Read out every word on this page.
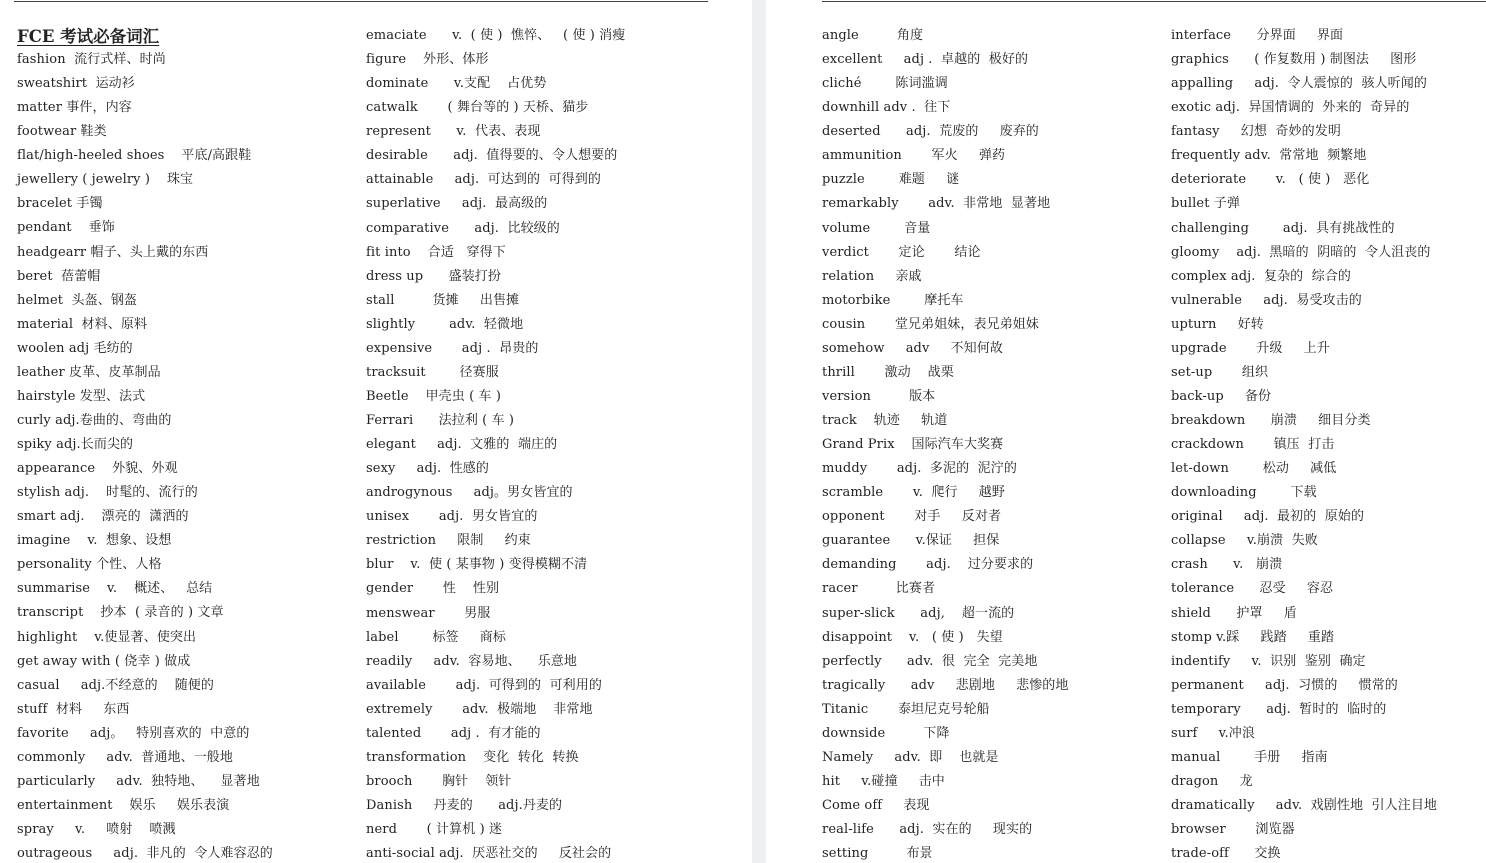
FCE 考试必备词汇
fashion  流行式样、时尚
sweatshirt  运动衫
matter 事件，内容
footwear 鞋类
flat/high-heeled shoes    平底/高跟鞋
jewellery ( jewelry )    珠宝
bracelet 手镯
pendant    垂饰
headgearr 帽子、头上戴的东西
beret  蓓蕾帽
helmet  头盔、钢盔
material  材料、原料
woolen adj 毛纺的
leather 皮革、皮革制品
hairstyle 发型、法式
curly adj.卷曲的、弯曲的
spiky adj.长而尖的
appearance    外貌、外观
stylish adj.    时髦的、流行的
smart adj.    漂亮的  潇洒的
imagine    v.  想象、设想
personality 个性、人格
summarise    v.    概述、   总结
transcript    抄本  ( 录音的 ) 文章
highlight    v.使显著、使突出
get away with ( 侥幸 ) 做成
casual     adj.不经意的    随便的
stuff  材料     东西
favorite     adj。   特别喜欢的  中意的
commonly     adv.  普通地、一般地
particularly     adv.  独特地、    显著地
entertainment    娱乐     娱乐表演
spray     v.     喷射    喷溅
outrageous     adj.  非凡的  令人难容忍的
emaciate      v.  ( 使 )  憔悴、   ( 使 ) 消瘦
figure    外形、体形
dominate      v.支配    占优势
catwalk       ( 舞台等的 ) 天桥、猫步
represent      v.  代表、表现
desirable      adj.  值得要的、令人想要的
attainable     adj.  可达到的  可得到的
superlative     adj.  最高级的
comparative      adj.  比较级的
fit into    合适   穿得下
dress up      盛装打扮
stall         货摊     出售摊
slightly        adv.  轻微地
expensive       adj .  昂贵的
tracksuit        径赛服
Beetle    甲壳虫 ( 车 )
Ferrari      法拉利 ( 车 )
elegant     adj.  文雅的  端庄的
sexy     adj.  性感的
androgynous     adj。男女皆宜的
unisex       adj.  男女皆宜的
restriction     限制     约束
blur    v.  使 ( 某事物 ) 变得模糊不清
gender       性    性别
menswear       男服
label        标签     商标
readily     adv.  容易地、    乐意地
available       adj.  可得到的  可利用的
extremely       adv.  极端地    非常地
talented       adj .  有才能的
transformation    变化  转化  转换
brooch       胸针    领针
Danish     丹麦的      adj.丹麦的
nerd       ( 计算机 ) 迷
anti-social adj.  厌恶社交的     反社会的
angle         角度
excellent     adj .  卓越的  极好的
cliché        陈词滥调
downhill adv .  往下
deserted      adj.  荒废的     废弃的
ammunition       军火     弹药
puzzle        难题     谜
remarkably       adv.  非常地  显著地
volume        音量
verdict       定论       结论
relation     亲戚
motorbike        摩托车
cousin       堂兄弟姐妹，表兄弟姐妹
somehow     adv     不知何故
thrill       激动    战栗
version         版本
track    轨迹     轨道
Grand Prix    国际汽车大奖赛
muddy       adj.  多泥的  泥泞的
scramble       v.  爬行     越野
opponent       对手     反对者
guarantee      v.保证     担保
demanding       adj.    过分要求的
racer         比赛者
super-slick      adj,    超一流的
disappoint    v.   ( 使 )   失望
perfectly      adv.  很  完全  完美地
tragically      adv     悲剧地     悲惨的地
Titanic       泰坦尼克号轮船
downside         下降
Namely     adv.  即    也就是
hit     v.碰撞     击中
Come off     表现
real-life      adj.  实在的     现实的
setting         布景
interface      分界面     界面
graphics      ( 作复数用 ) 制图法     图形
appalling     adj.  令人震惊的  骇人听闻的
exotic adj.  异国情调的  外来的  奇异的
fantasy     幻想  奇妙的发明
frequently adv.  常常地  频繁地
deteriorate       v.   ( 使 )   恶化
bullet 子弹
challenging        adj.  具有挑战性的
gloomy    adj.  黑暗的  阴暗的  令人沮丧的
complex adj.  复杂的  综合的
vulnerable     adj.  易受攻击的
upturn     好转
upgrade       升级     上升
set-up       组织
back-up     备份
breakdown      崩溃     细目分类
crackdown       镇压  打击
let-down        松动     减低
downloading        下载
original     adj.  最初的  原始的
collapse     v.崩溃  失败
crash      v.   崩溃
tolerance      忍受     容忍
shield      护罩     盾
stomp v.踩     践踏     重踏
indentify     v.  识别  鉴别  确定
permanent     adj.  习惯的     惯常的
temporary      adj.  暂时的  临时的
surf     v.冲浪
manual        手册     指南
dragon     龙
dramatically     adv.  戏剧性地  引人注目地
browser       浏览器
trade-off      交换
